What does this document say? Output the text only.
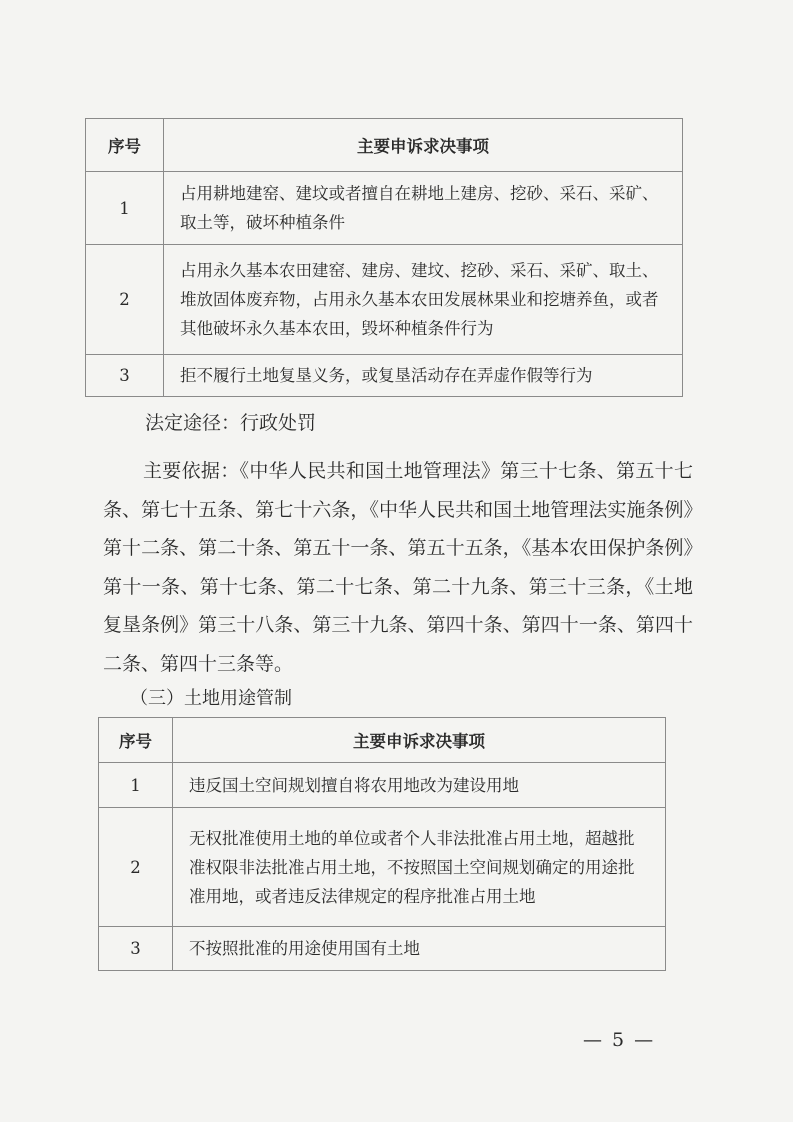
序号	主要申诉求决事项
1	占用耕地建窑、建坟或者擅自在耕地上建房、挖砂、采石、采矿、取土等，破坏种植条件
2	占用永久基本农田建窑、建房、建坟、挖砂、采石、采矿、取土、堆放固体废弃物，占用永久基本农田发展林果业和挖塘养鱼，或者其他破坏永久基本农田，毁坏种植条件行为
3	拒不履行土地复垦义务，或复垦活动存在弄虚作假等行为

法定途径：行政处罚

主要依据：《中华人民共和国土地管理法》第三十七条、第五十七条、第七十五条、第七十六条，《中华人民共和国土地管理法实施条例》第十二条、第二十条、第五十一条、第五十五条，《基本农田保护条例》第十一条、第十七条、第二十七条、第二十九条、第三十三条，《土地复垦条例》第三十八条、第三十九条、第四十条、第四十一条、第四十二条、第四十三条等。

（三）土地用途管制

序号	主要申诉求决事项
1	违反国土空间规划擅自将农用地改为建设用地
2	无权批准使用土地的单位或者个人非法批准占用土地，超越批准权限非法批准占用土地，不按照国土空间规划确定的用途批准用地，或者违反法律规定的程序批准占用土地
3	不按照批准的用途使用国有土地
— 5 —
